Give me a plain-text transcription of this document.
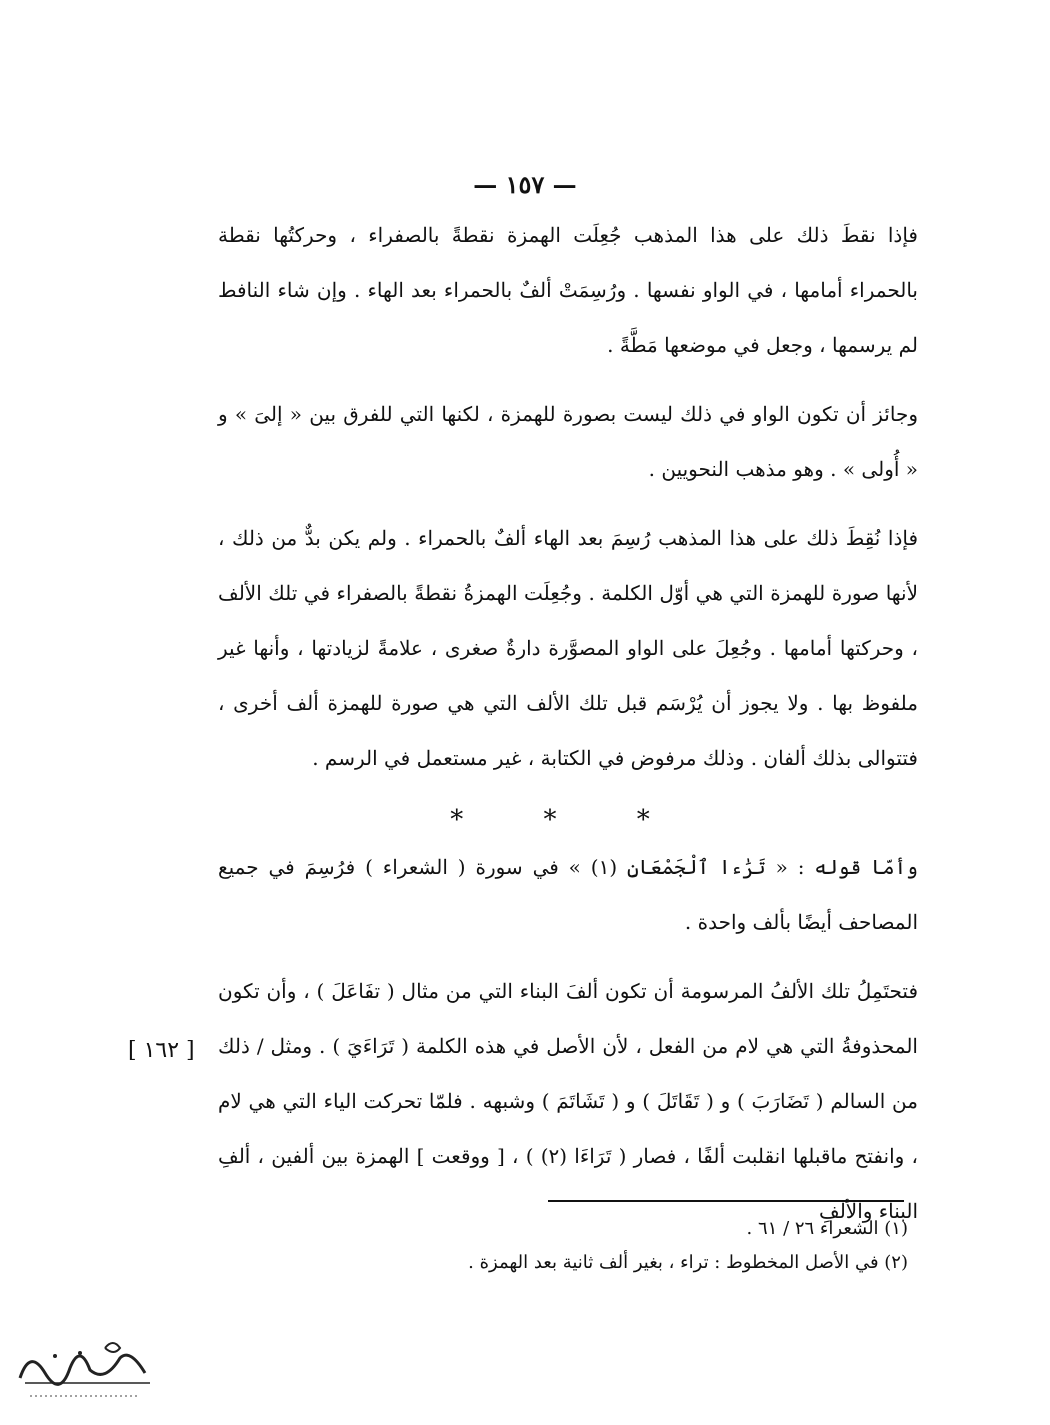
— ١٥٧ —

فإذا نقطَ ذلك على هذا المذهب جُعِلَت الهمزة نقطةً بالصفراء ، وحركتُها نقطة بالحمراء أمامها ، في الواو نفسها . ورُسِمَتْ ألفٌ بالحمراء بعد الهاء . وإن شاء النافط لم يرسمها ، وجعل في موضعها مَطَّةً .

وجائز أن تكون الواو في ذلك ليست بصورة للهمزة ، لكنها التي للفرق بين « إلىَ » و « أُولى » . وهو مذهب النحويين .

فإذا نُقِطَ ذلك على هذا المذهب رُسِمَ بعد الهاء ألفٌ بالحمراء . ولم يكن بدٌّ من ذلك ، لأنها صورة للهمزة التي هي أوّل الكلمة . وجُعِلَت الهمزةُ نقطةً بالصفراء في تلك الألف ، وحركتها أمامها . وجُعِلَ على الواو المصوَّرة دارةٌ صغرى ، علامةً لزيادتها ، وأنها غير ملفوظ بها . ولا يجوز أن يُرْسَم قبل تلك الألف التي هي صورة للهمزة ألف أخرى ، فتتوالى بذلك ألفان . وذلك مرفوض في الكتابة ، غير مستعمل في الرسم .

* * *

وأمّا قوله : « تَرَٰءا ٱلْجَمْعَانِ (١) » في سورة ( الشعراء ) فرُسِمَ في جميع المصاحف أيضًا بألف واحدة .

فتحتَمِلُ تلك الألفُ المرسومة أن تكون ألفَ البناء التي من مثال ( تفَاعَلَ ) ، وأن تكون المحذوفةُ التي هي لام من الفعل ، لأن الأصل في هذه الكلمة ( تَرَاءَيَ ) . ومثل / ذلك من السالم ( تَضَارَبَ ) و ( تَقَاتَلَ ) و ( تَشَاتَمَ ) وشبهه . فلمّا تحركت الياء التي هي لام ، وانفتح ماقبلها انقلبت ألفًا ، فصار ( تَرَاءَا (٢) ) ، [ ووقعت ] الهمزة بين ألفين ، ألفِ البناء والألفِ

[ ١٦٢ ]
(١) الشعراء ٢٦ / ٦١ .
(٢) في الأصل المخطوط : تراء ، بغير ألف ثانية بعد الهمزة .
